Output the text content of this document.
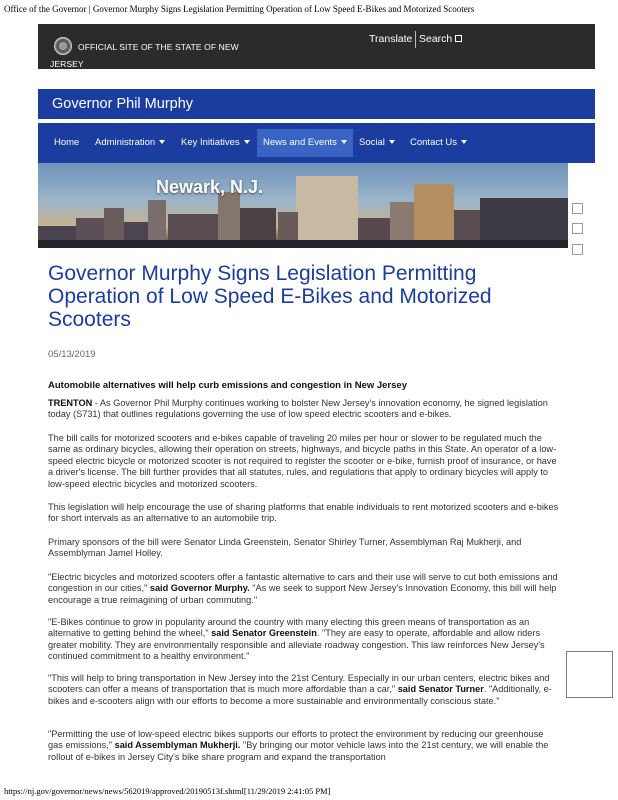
Office of the Governor | Governor Murphy Signs Legislation Permitting Operation of Low Speed E-Bikes and Motorized Scooters
OFFICIAL SITE OF THE STATE OF NEW JERSEY
Translate Search
Governor Phil Murphy
Home	Administration	Key Initiatives	News and Events	Social	Contact Us
Newark, N.J.
Governor Murphy Signs Legislation Permitting Operation of Low Speed E-Bikes and Motorized Scooters
05/13/2019
Automobile alternatives will help curb emissions and congestion in New Jersey

TRENTON - As Governor Phil Murphy continues working to bolster New Jersey's innovation economy, he signed legislation today (S731) that outlines regulations governing the use of low speed electric scooters and e-bikes.

The bill calls for motorized scooters and e-bikes capable of traveling 20 miles per hour or slower to be regulated much the same as ordinary bicycles, allowing their operation on streets, highways, and bicycle paths in this State. An operator of a low-speed electric bicycle or motorized scooter is not required to register the scooter or e-bike, furnish proof of insurance, or have a driver's license. The bill further provides that all statutes, rules, and regulations that apply to ordinary bicycles will apply to low-speed electric bicycles and motorized scooters.

This legislation will help encourage the use of sharing platforms that enable individuals to rent motorized scooters and e-bikes for short intervals as an alternative to an automobile trip.

Primary sponsors of the bill were Senator Linda Greenstein, Senator Shirley Turner, Assemblyman Raj Mukherji, and Assemblyman Jamel Holley.

"Electric bicycles and motorized scooters offer a fantastic alternative to cars and their use will serve to cut both emissions and congestion in our cities," said Governor Murphy. "As we seek to support New Jersey's Innovation Economy, this bill will help encourage a true reimagining of urban commuting."

"E-Bikes continue to grow in popularity around the country with many electing this green means of transportation as an alternative to getting behind the wheel," said Senator Greenstein. "They are easy to operate, affordable and allow riders greater mobility. They are environmentally responsible and alleviate roadway congestion. This law reinforces New Jersey's continued commitment to a healthy environment."

"This will help to bring transportation in New Jersey into the 21st Century. Especially in our urban centers, electric bikes and scooters can offer a means of transportation that is much more affordable than a car," said Senator Turner. "Additionally, e-bikes and e-scooters align with our efforts to become a more sustainable and environmentally conscious state."

"Permitting the use of low-speed electric bikes supports our efforts to protect the environment by reducing our greenhouse gas emissions," said Assemblyman Mukherji. "By bringing our motor vehicle laws into the 21st century, we will enable the rollout of e-bikes in Jersey City's bike share program and expand the transportation

https://nj.gov/governor/news/news/562019/approved/20190513f.shtml[11/29/2019 2:41:05 PM]
